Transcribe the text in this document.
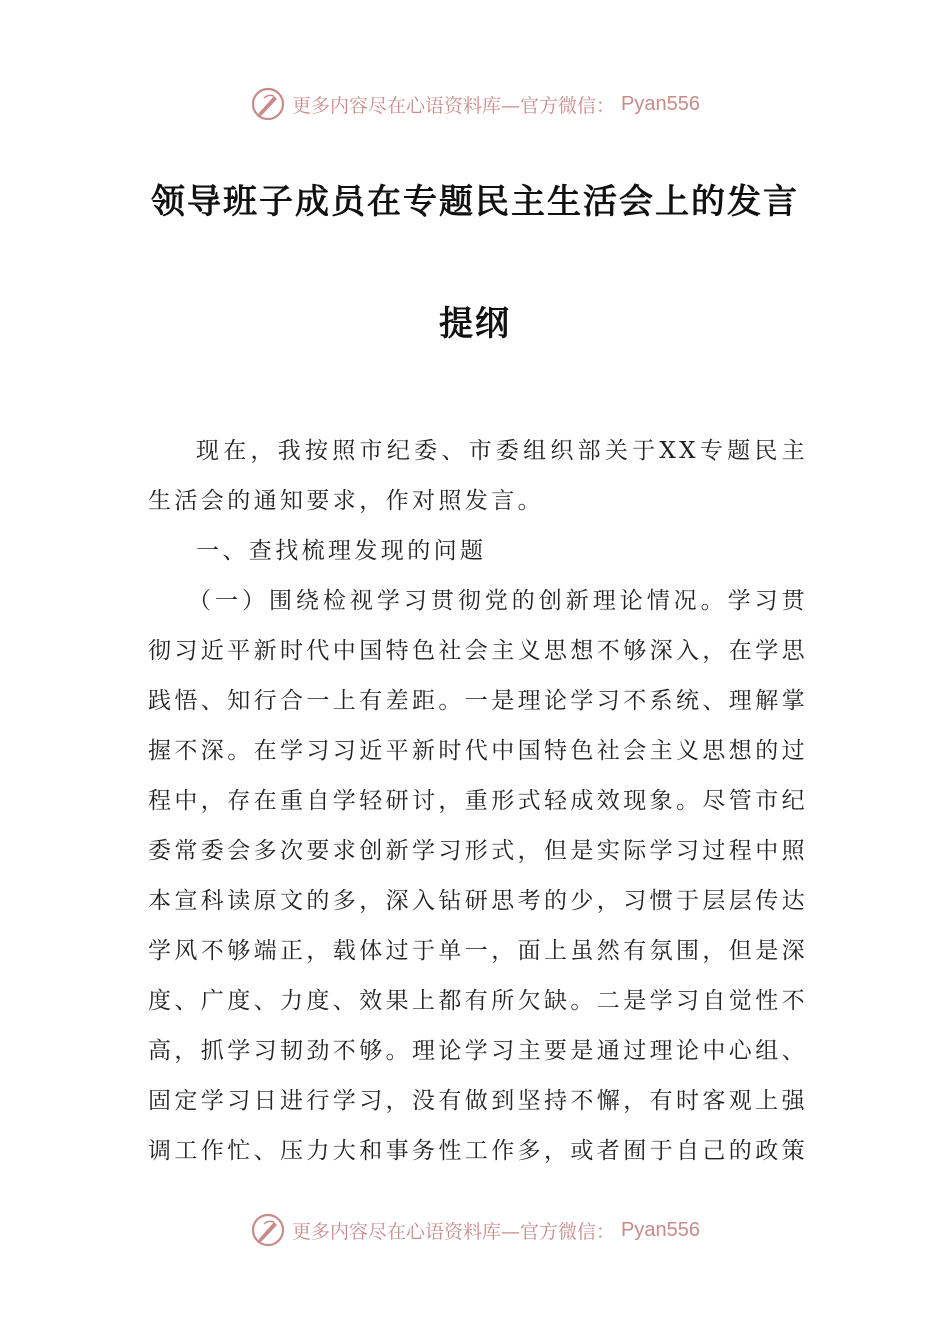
更多内容尽在心语资料库—官方微信： Pyan556
领导班子成员在专题民主生活会上的发言
提纲

现在，我按照市纪委、市委组织部关于XX专题民主生活会的通知要求，作对照发言。

一、查找梳理发现的问题

（一）围绕检视学习贯彻党的创新理论情况。学习贯彻习近平新时代中国特色社会主义思想不够深入，在学思践悟、知行合一上有差距。一是理论学习不系统、理解掌握不深。在学习习近平新时代中国特色社会主义思想的过程中，存在重自学轻研讨，重形式轻成效现象。尽管市纪委常委会多次要求创新学习形式，但是实际学习过程中照本宣科读原文的多，深入钻研思考的少，习惯于层层传达学风不够端正，载体过于单一，面上虽然有氛围，但是深度、广度、力度、效果上都有所欠缺。二是学习自觉性不高，抓学习韧劲不够。理论学习主要是通过理论中心组、固定学习日进行学习，没有做到坚持不懈，有时客观上强调工作忙、压力大和事务性工作多，或者囿于自己的政策

更多内容尽在心语资料库—官方微信： Pyan556
